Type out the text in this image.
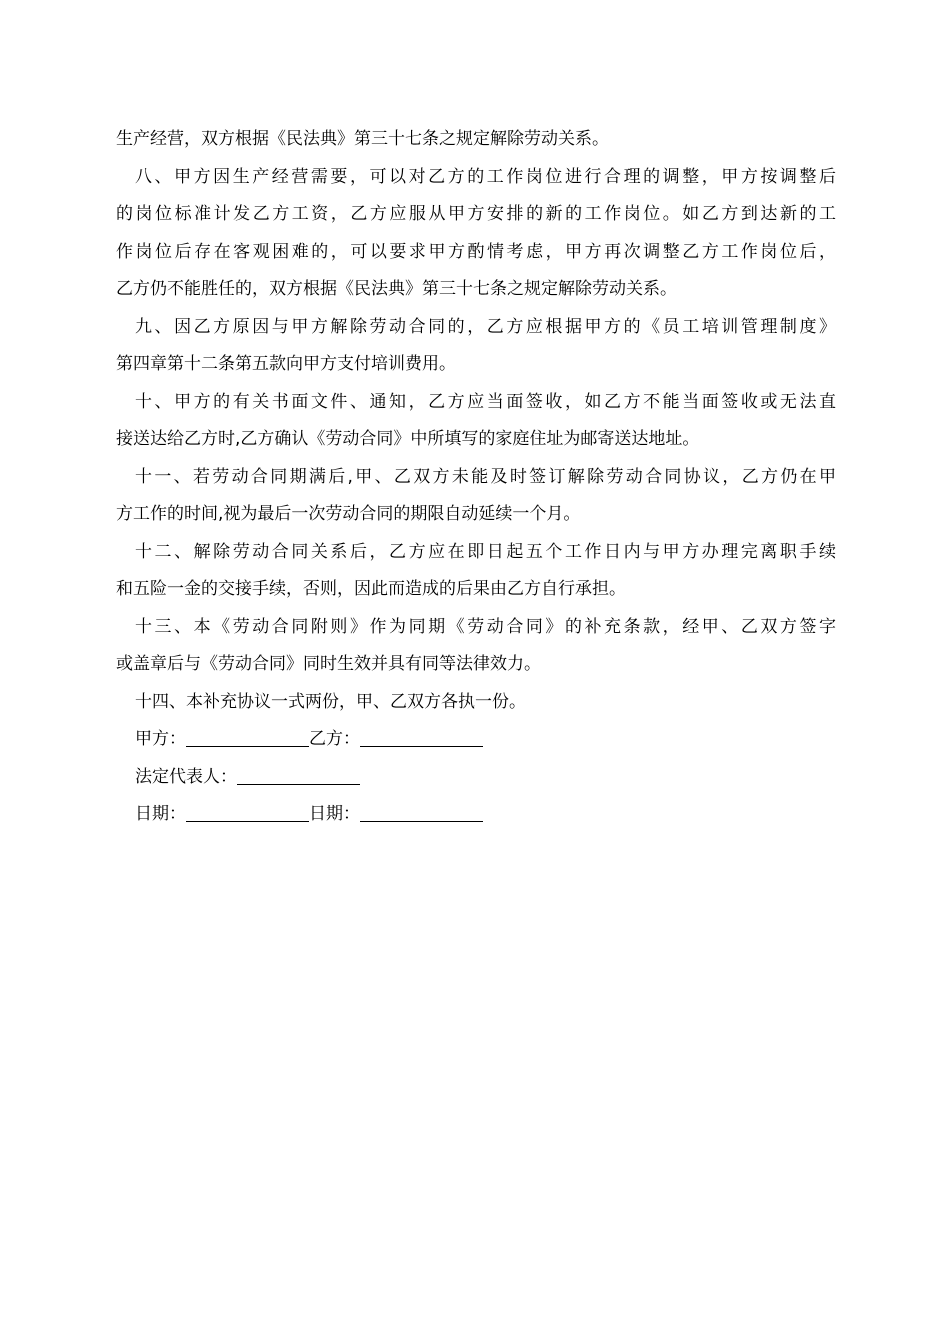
生产经营，双方根据《民法典》第三十七条之规定解除劳动关系。
八、甲方因生产经营需要，可以对乙方的工作岗位进行合理的调整，甲方按调整后
的岗位标准计发乙方工资，乙方应服从甲方安排的新的工作岗位。如乙方到达新的工
作岗位后存在客观困难的，可以要求甲方酌情考虑，甲方再次调整乙方工作岗位后，
乙方仍不能胜任的，双方根据《民法典》第三十七条之规定解除劳动关系。
九、因乙方原因与甲方解除劳动合同的，乙方应根据甲方的《员工培训管理制度》
第四章第十二条第五款向甲方支付培训费用。
十、甲方的有关书面文件、通知，乙方应当面签收，如乙方不能当面签收或无法直
接送达给乙方时,乙方确认《劳动合同》中所填写的家庭住址为邮寄送达地址。
十一、若劳动合同期满后,甲、乙双方未能及时签订解除劳动合同协议，乙方仍在甲
方工作的时间,视为最后一次劳动合同的期限自动延续一个月。
十二、解除劳动合同关系后，乙方应在即日起五个工作日内与甲方办理完离职手续
和五险一金的交接手续，否则，因此而造成的后果由乙方自行承担。
十三、本《劳动合同附则》作为同期《劳动合同》的补充条款，经甲、乙双方签字
或盖章后与《劳动合同》同时生效并具有同等法律效力。
十四、本补充协议一式两份，甲、乙双方各执一份。
甲方：	乙方：
法定代表人：
日期：	日期：
